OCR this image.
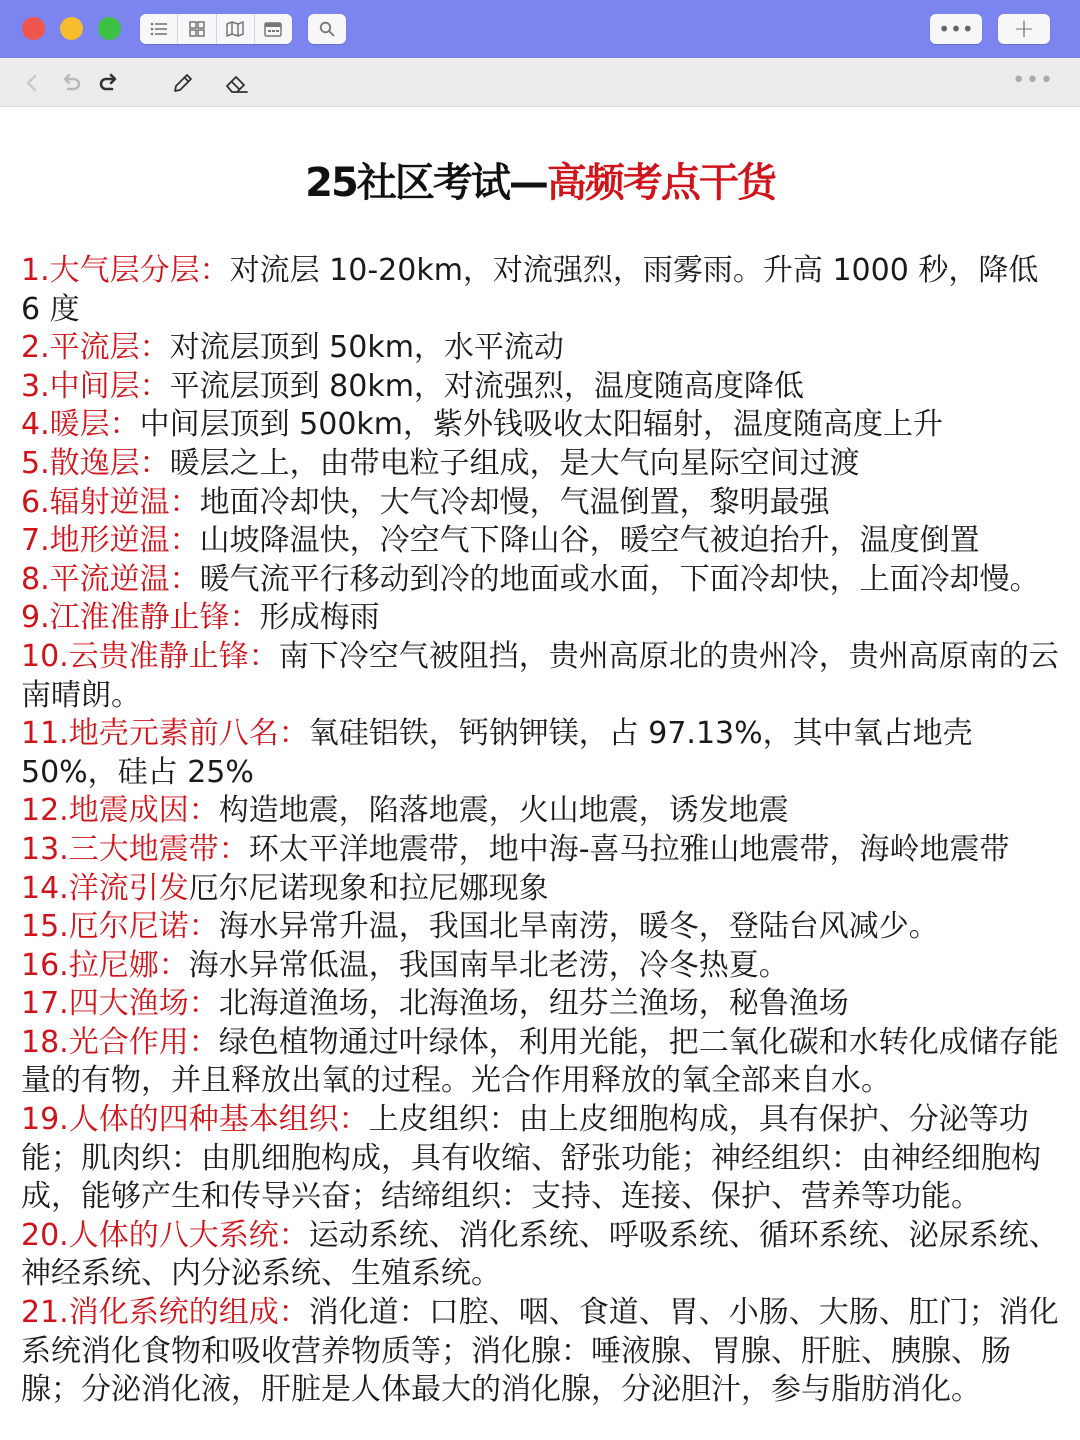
•••	+
•••
25社区考试—高频考点干货

1.大气层分层：对流层 10-20km，对流强烈，雨雾雨。升高 1000 秒，降低 6 度

2.平流层：对流层顶到 50km，水平流动

3.中间层：平流层顶到 80km，对流强烈，温度随高度降低

4.暖层：中间层顶到 500km，紫外钱吸收太阳辐射，温度随高度上升

5.散逸层：暖层之上，由带电粒子组成，是大气向星际空间过渡

6.辐射逆温：地面冷却快，大气冷却慢，气温倒置，黎明最强

7.地形逆温：山坡降温快，冷空气下降山谷，暖空气被迫抬升，温度倒置

8.平流逆温：暖气流平行移动到冷的地面或水面，下面冷却快，上面冷却慢。

9.江淮准静止锋：形成梅雨

10.云贵准静止锋：南下冷空气被阻挡，贵州高原北的贵州冷，贵州高原南的云南晴朗。

11.地壳元素前八名：氧硅铝铁，钙钠钾镁，占 97.13%，其中氧占地壳 50%，硅占 25%

12.地震成因：构造地震，陷落地震，火山地震，诱发地震

13.三大地震带：环太平洋地震带，地中海-喜马拉雅山地震带，海岭地震带

14.洋流引发厄尔尼诺现象和拉尼娜现象

15.厄尔尼诺：海水异常升温，我国北旱南涝，暖冬，登陆台风减少。

16.拉尼娜：海水异常低温，我国南旱北老涝，冷冬热夏。

17.四大渔场：北海道渔场，北海渔场，纽芬兰渔场，秘鲁渔场

18.光合作用：绿色植物通过叶绿体，利用光能，把二氧化碳和水转化成储存能量的有物，并且释放出氧的过程。光合作用释放的氧全部来自水。

19.人体的四种基本组织：上皮组织：由上皮细胞构成，具有保护、分泌等功能；肌肉织：由肌细胞构成，具有收缩、舒张功能；神经组织：由神经细胞构成，能够产生和传导兴奋；结缔组织：支持、连接、保护、营养等功能。

20.人体的八大系统：运动系统、消化系统、呼吸系统、循环系统、泌尿系统、神经系统、内分泌系统、生殖系统。

21.消化系统的组成：消化道：口腔、咽、食道、胃、小肠、大肠、肛门；消化系统消化食物和吸收营养物质等；消化腺：唾液腺、胃腺、肝脏、胰腺、肠腺；分泌消化液，肝脏是人体最大的消化腺，分泌胆汁，参与脂肪消化。
